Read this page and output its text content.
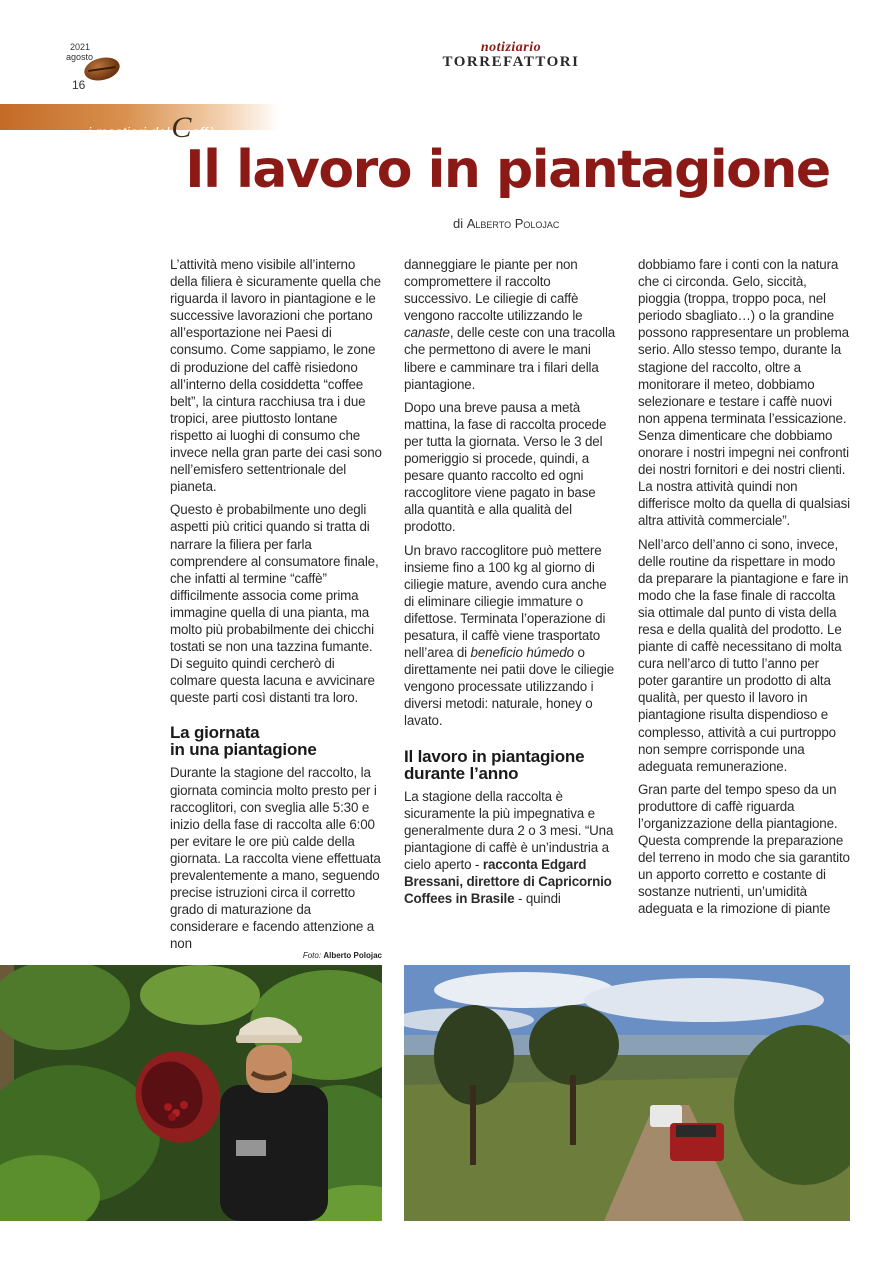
2021
agosto
16
notiziario
TORREFATTORI
i mestieri delCaffè
Il lavoro in piantagione
di Alberto Polojac

L’attività meno visibile all’interno della filiera è sicuramente quella che riguarda il lavoro in piantagione e le successive lavorazioni che portano all’esportazione nei Paesi di consumo. Come sappiamo, le zone di produzione del caffè risiedono all’interno della cosiddetta “coffee belt”, la cintura racchiusa tra i due tropici, aree piuttosto lontane rispetto ai luoghi di consumo che invece nella gran parte dei casi sono nell’emisfero settentrionale del pianeta.

Questo è probabilmente uno degli aspetti più critici quando si tratta di narrare la filiera per farla comprendere al consumatore finale, che infatti al termine “caffè” difficilmente associa come prima immagine quella di una pianta, ma molto più probabilmente dei chicchi tostati se non una tazzina fumante. Di seguito quindi cercherò di colmare questa lacuna e avvicinare queste parti così distanti tra loro.

La giornata
in una piantagione

Durante la stagione del raccolto, la giornata comincia molto presto per i raccoglitori, con sveglia alle 5:30 e inizio della fase di raccolta alle 6:00 per evitare le ore più calde della giornata. La raccolta viene effettuata prevalentemente a mano, seguendo precise istruzioni circa il corretto grado di maturazione da considerare e facendo attenzione a non

danneggiare le piante per non compromettere il raccolto successivo. Le ciliegie di caffè vengono raccolte utilizzando le canaste, delle ceste con una tracolla che permettono di avere le mani libere e camminare tra i filari della piantagione.

Dopo una breve pausa a metà mattina, la fase di raccolta procede per tutta la giornata. Verso le 3 del pomeriggio si procede, quindi, a pesare quanto raccolto ed ogni raccoglitore viene pagato in base alla quantità e alla qualità del prodotto.

Un bravo raccoglitore può mettere insieme fino a 100 kg al giorno di ciliegie mature, avendo cura anche di eliminare ciliegie immature o difettose. Terminata l’operazione di pesatura, il caffè viene trasportato nell’area di beneficio húmedo o direttamente nei patii dove le ciliegie vengono processate utilizzando i diversi metodi: naturale, honey o lavato.

Il lavoro in piantagione
durante l’anno

La stagione della raccolta è sicuramente la più impegnativa e generalmente dura 2 o 3 mesi. “Una piantagione di caffè è un’industria a cielo aperto - racconta Edgard Bressani, direttore di Capricornio Coffees in Brasile - quindi

dobbiamo fare i conti con la natura che ci circonda. Gelo, siccità, pioggia (troppa, troppo poca, nel periodo sbagliato…) o la grandine possono rappresentare un problema serio. Allo stesso tempo, durante la stagione del raccolto, oltre a monitorare il meteo, dobbiamo selezionare e testare i caffè nuovi non appena terminata l’essicazione. Senza dimenticare che dobbiamo onorare i nostri impegni nei confronti dei nostri fornitori e dei nostri clienti. La nostra attività quindi non differisce molto da quella di qualsiasi altra attività commerciale”.

Nell’arco dell’anno ci sono, invece, delle routine da rispettare in modo da preparare la piantagione e fare in modo che la fase finale di raccolta sia ottimale dal punto di vista della resa e della qualità del prodotto. Le piante di caffè necessitano di molta cura nell’arco di tutto l’anno per poter garantire un prodotto di alta qualità, per questo il lavoro in piantagione risulta dispendioso e complesso, attività a cui purtroppo non sempre corrisponde una adeguata remunerazione.

Gran parte del tempo speso da un produttore di caffè riguarda l’organizzazione della piantagione. Questa comprende la preparazione del terreno in modo che sia garantito un apporto corretto e costante di sostanze nutrienti, un’umidità adeguata e la rimozione di piante

Foto: Alberto Polojac
